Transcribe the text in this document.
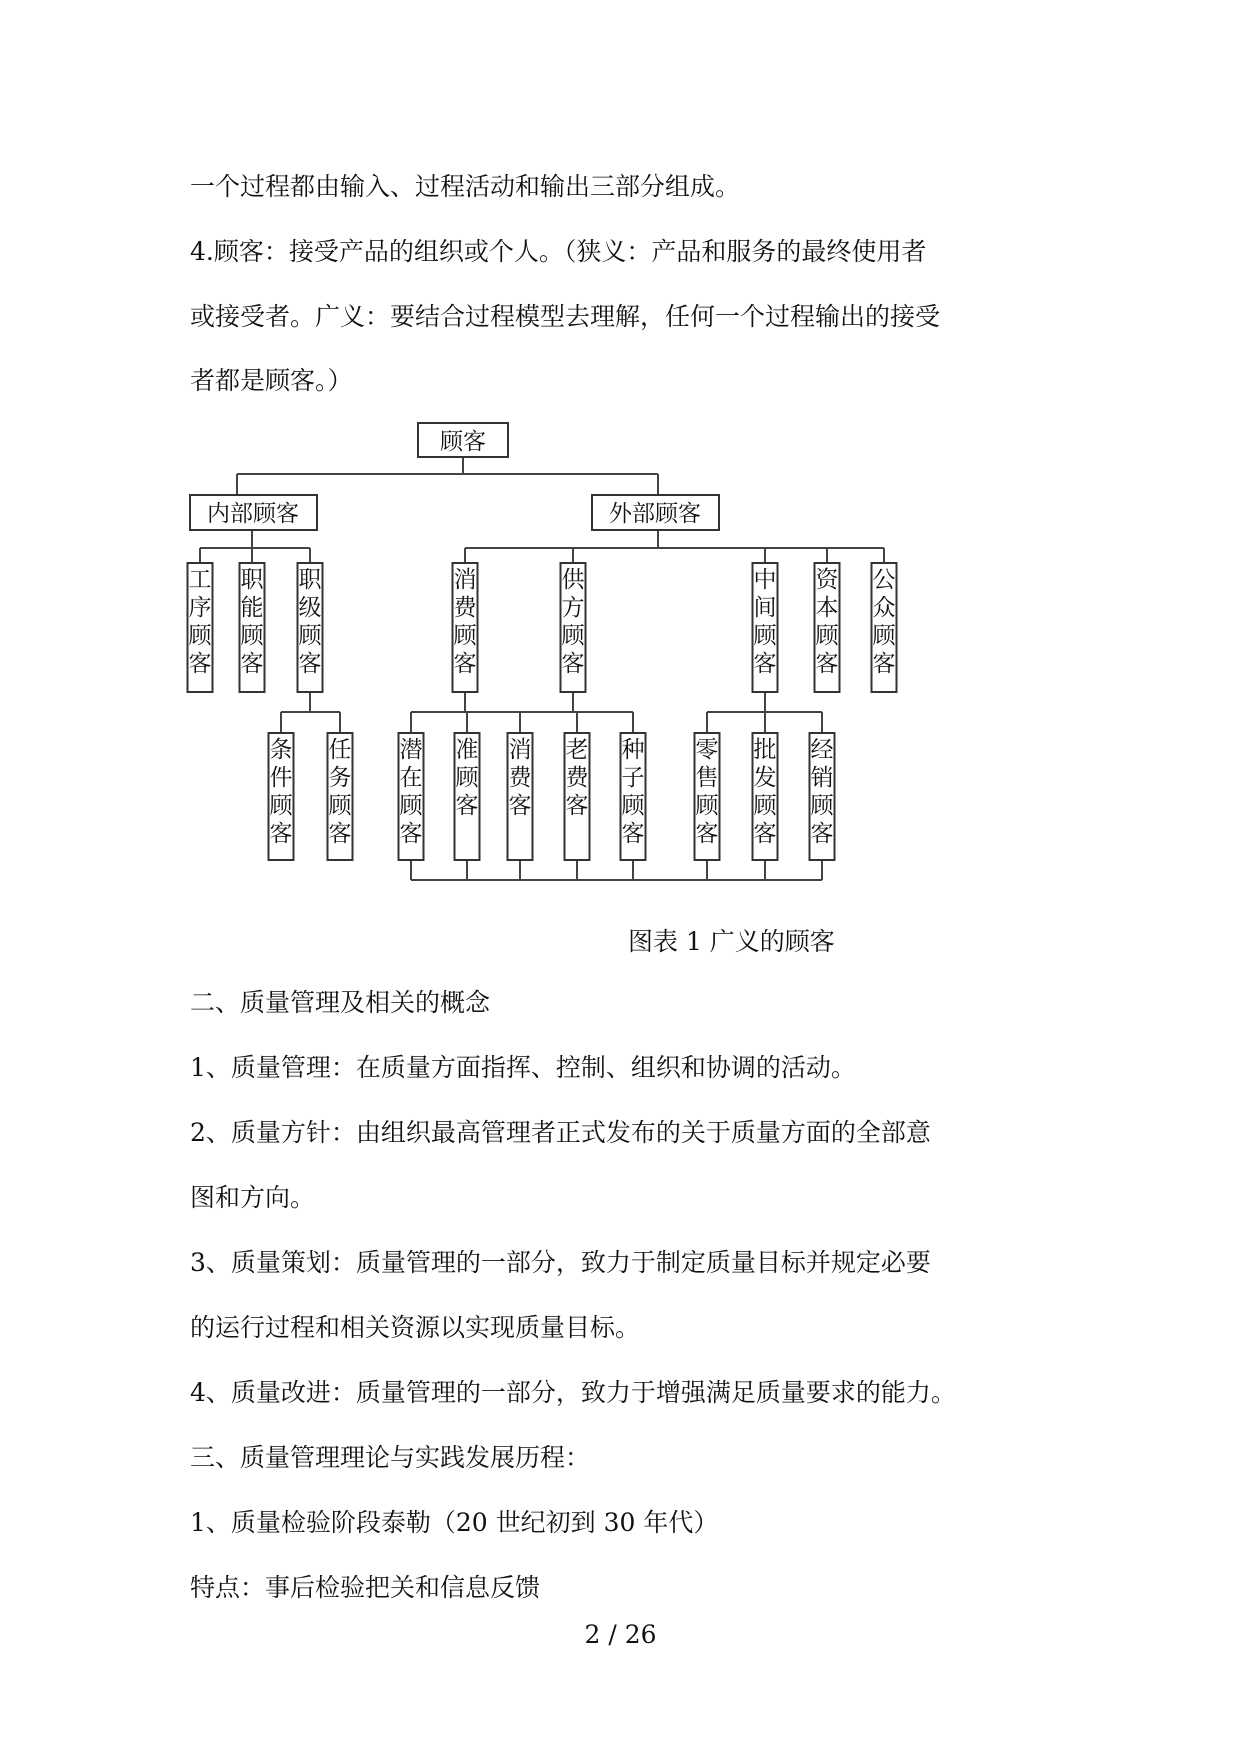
一个过程都由输入、过程活动和输出三部分组成。
4.顾客：接受产品的组织或个人。（狭义：产品和服务的最终使用者
或接受者。广义：要结合过程模型去理解，任何一个过程输出的接受
者都是顾客。）
顾客
内部顾客	外部顾客
工
序
顾
客
职
能
顾
客
职
级
顾
客
消
费
顾
客
供
方
顾
客
中
间
顾
客
资
本
顾
客
公
众
顾
客
条
件
顾
客
任
务
顾
客
潜
在
顾
客
准
顾
客
消
费
客
老
费
客
种
子
顾
客
零
售
顾
客
批
发
顾
客
经
销
顾
客
图表 1 广义的顾客
二、质量管理及相关的概念
1、质量管理：在质量方面指挥、控制、组织和协调的活动。
2、质量方针：由组织最高管理者正式发布的关于质量方面的全部意
图和方向。
3、质量策划：质量管理的一部分，致力于制定质量目标并规定必要
的运行过程和相关资源以实现质量目标。
4、质量改进：质量管理的一部分，致力于增强满足质量要求的能力。
三、质量管理理论与实践发展历程：
1、质量检验阶段泰勒（20 世纪初到 30 年代）
特点：事后检验把关和信息反馈
2 / 26
